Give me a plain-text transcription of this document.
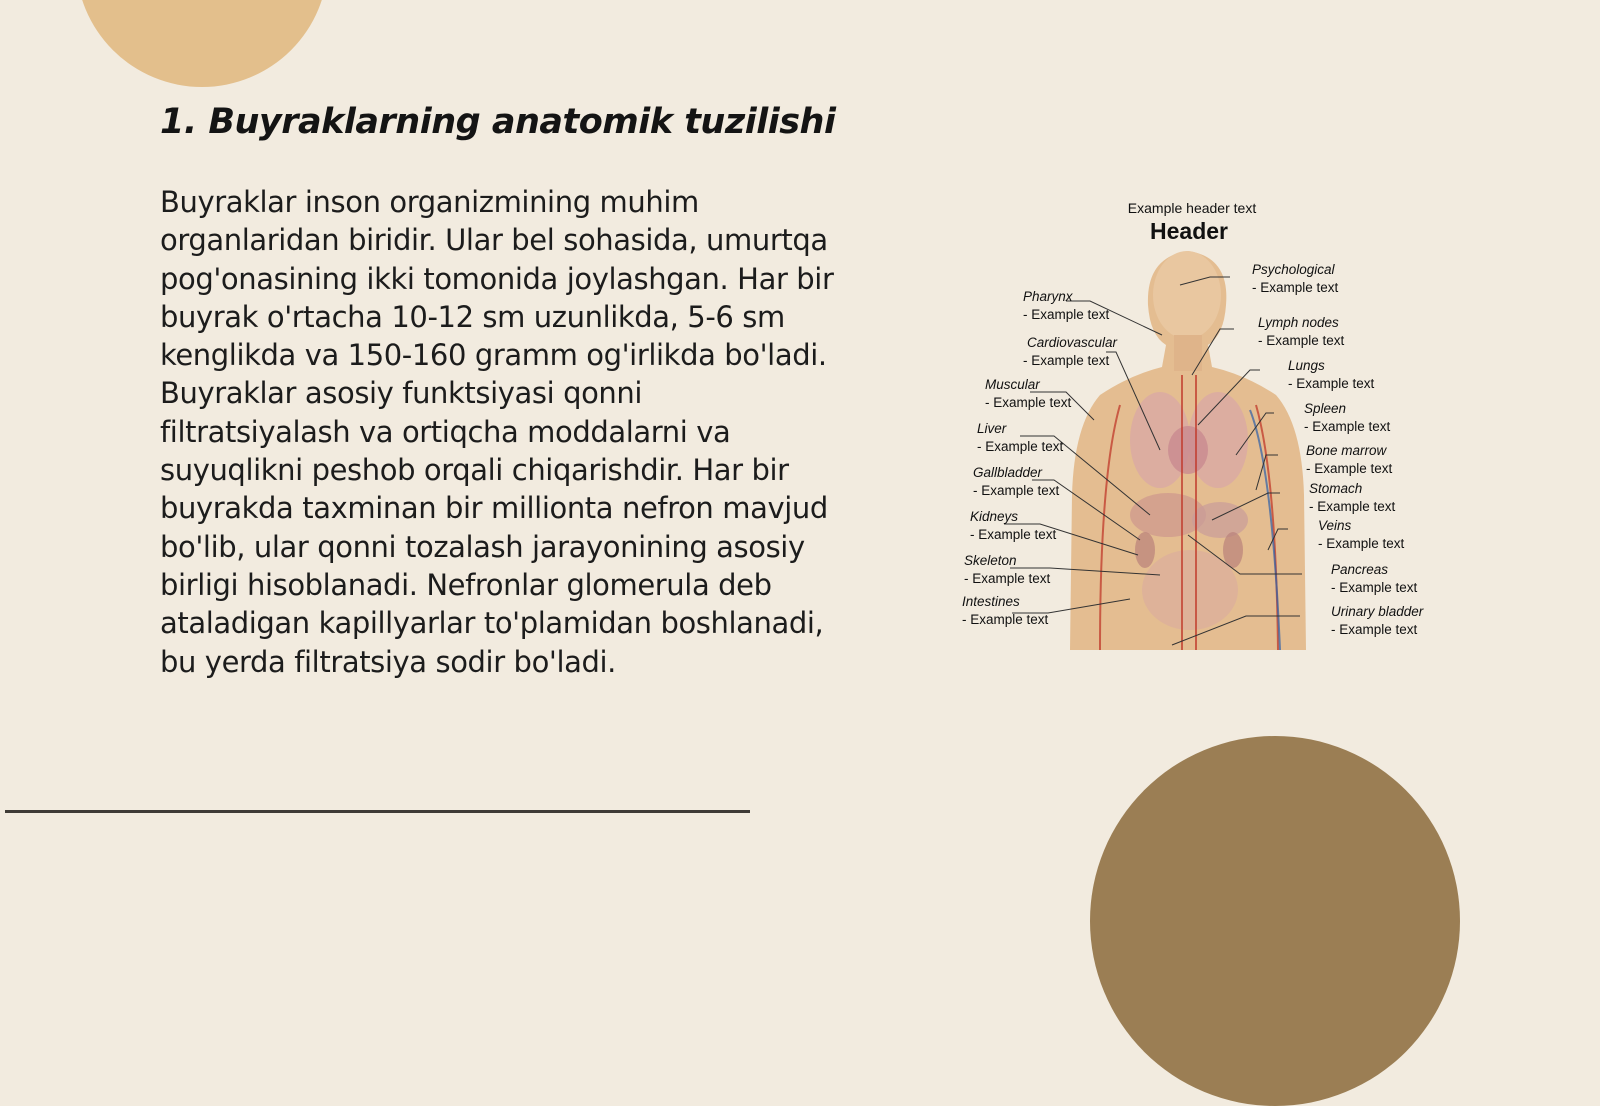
1. Buyraklarning anatomik tuzilishi

Buyraklar inson organizmining muhim organlaridan biridir. Ular bel sohasida, umurtqa pog'onasining ikki tomonida joylashgan. Har bir buyrak o'rtacha 10-12 sm uzunlikda, 5-6 sm kenglikda va 150-160 gramm og'irlikda bo'ladi. Buyraklar asosiy funktsiyasi qonni filtratsiyalash va ortiqcha moddalarni va suyuqlikni peshob orqali chiqarishdir. Har bir buyrakda taxminan bir millionta nefron mavjud bo'lib, ular qonni tozalash jarayonining asosiy birligi hisoblanadi. Nefronlar glomerula deb ataladigan kapillyarlar to'plamidan boshlanadi, bu yerda filtratsiya sodir bo'ladi.

Example header text
Header
Pharynx
- Example text
Cardiovascular
- Example text
Muscular
- Example text
Liver
- Example text
Gallbladder
- Example text
Kidneys
- Example text
Skeleton
- Example text
Intestines
- Example text
Psychological
- Example text
Lymph nodes
- Example text
Lungs
- Example text
Spleen
- Example text
Bone marrow
- Example text
Stomach
- Example text
Veins
- Example text
Pancreas
- Example text
Urinary bladder
- Example text
